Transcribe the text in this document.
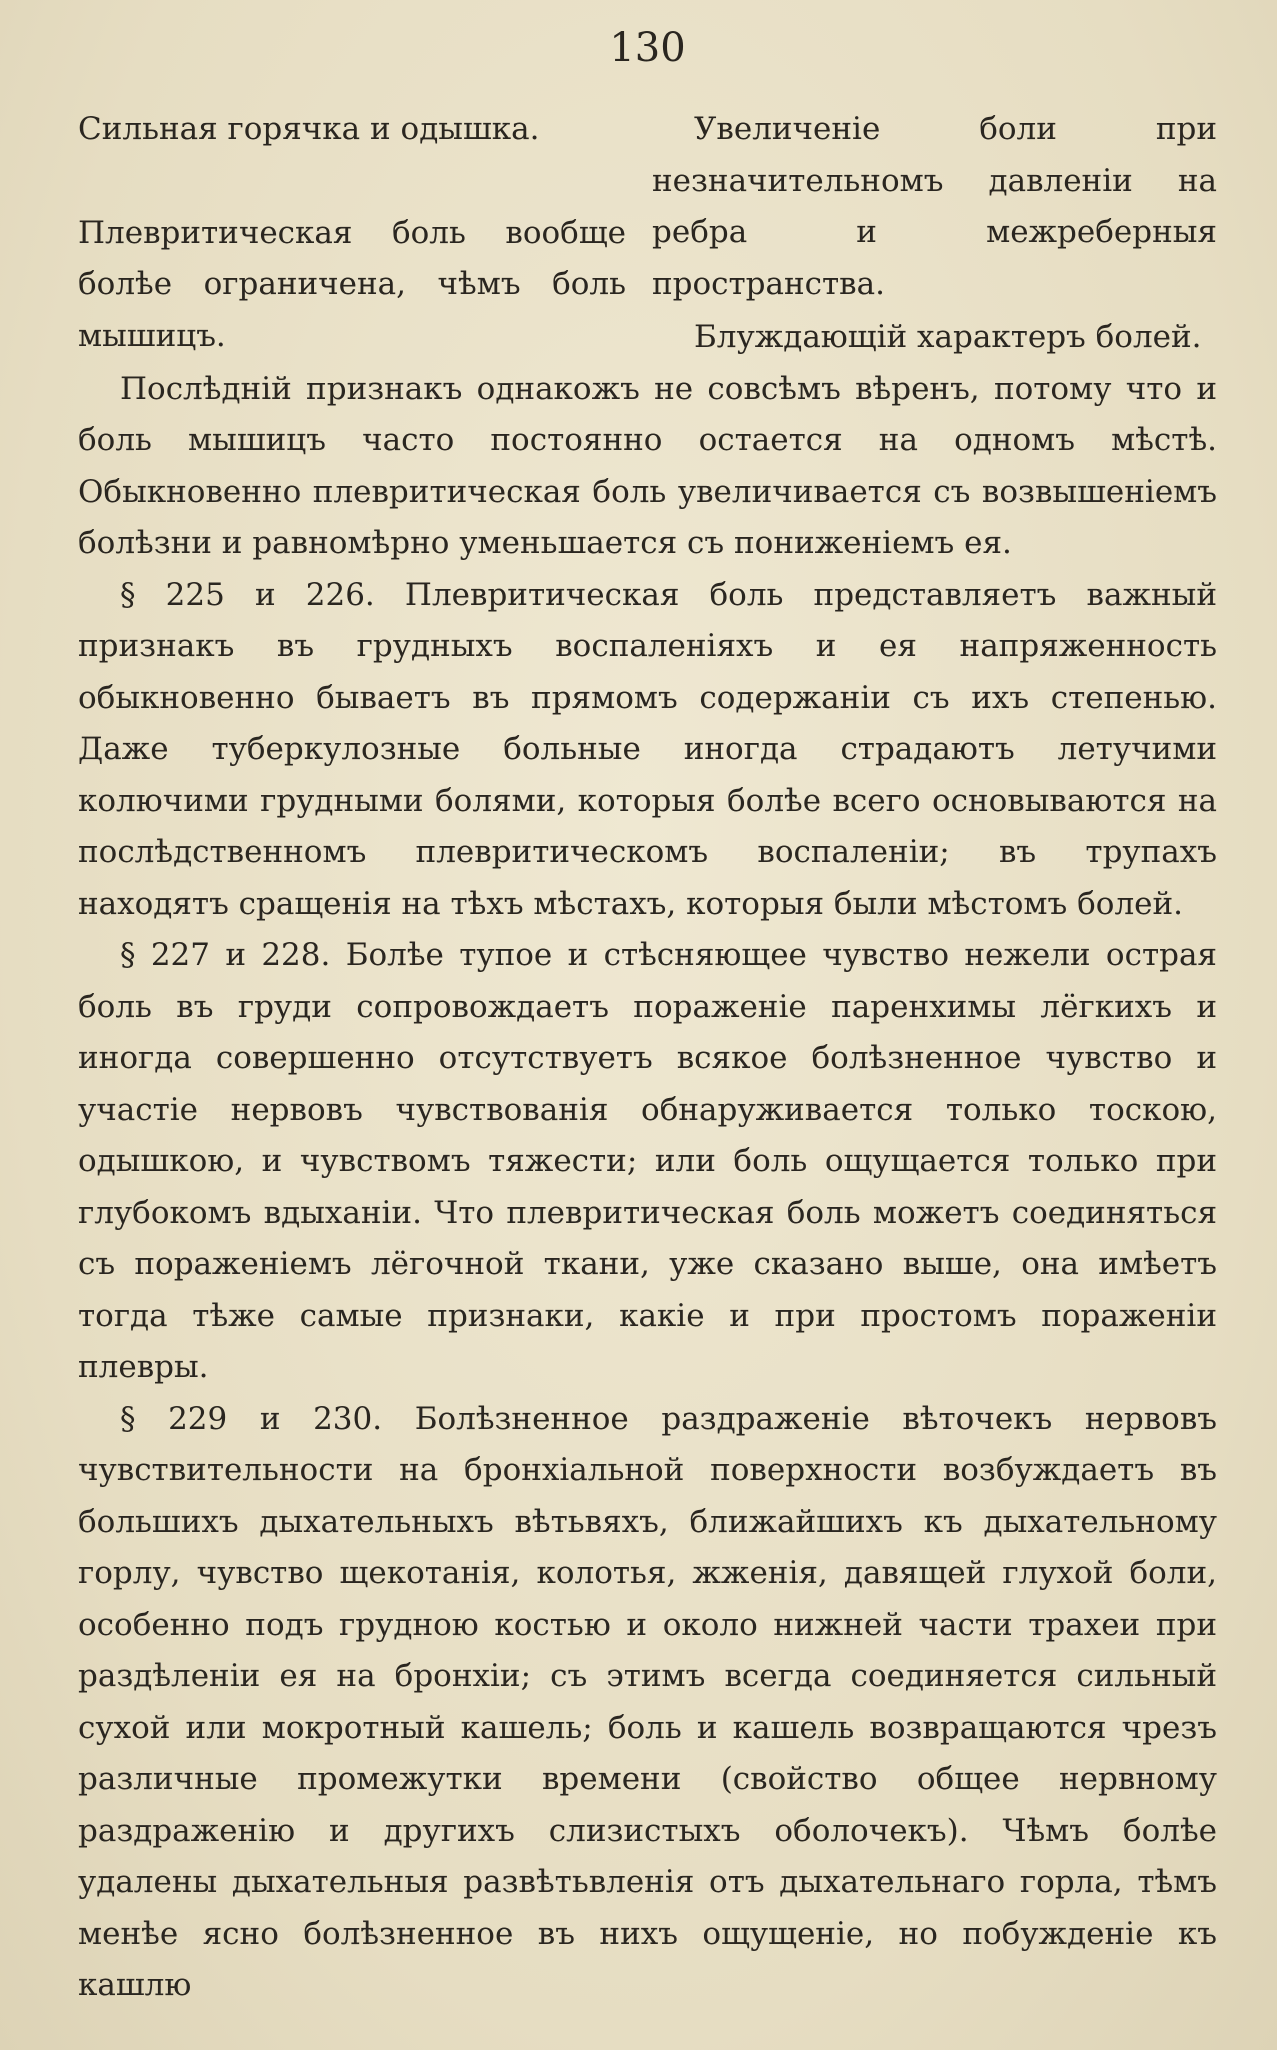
130

Сильная горячка и одышка.

Плевритическая боль вообще болѣе ограничена, чѣмъ боль мышицъ.

Увеличеніе боли при незначительномъ давленіи на ребра и межреберныя пространства.

Блуждающій характеръ болей.

Послѣдній признакъ однакожъ не совсѣмъ вѣренъ, потому что и боль мышицъ часто постоянно остается на одномъ мѣстѣ. Обыкновенно плевритическая боль увеличивается съ возвышеніемъ болѣзни и равномѣрно уменьшается съ пониженіемъ ея.

§ 225 и 226. Плевритическая боль представляетъ важный признакъ въ грудныхъ воспаленіяхъ и ея напряженность обыкновенно бываетъ въ прямомъ содержаніи съ ихъ степенью. Даже туберкулозные больные иногда страдаютъ летучими колючими грудными болями, которыя болѣе всего основываются на послѣдственномъ плевритическомъ воспаленіи; въ трупахъ находятъ сращенія на тѣхъ мѣстахъ, которыя были мѣстомъ болей.

§ 227 и 228. Болѣе тупое и стѣсняющее чувство нежели острая боль въ груди сопровождаетъ пораженіе паренхимы лёгкихъ и иногда совершенно отсутствуетъ всякое болѣзненное чувство и участіе нервовъ чувствованія обнаруживается только тоскою, одышкою, и чувствомъ тяжести; или боль ощущается только при глубокомъ вдыханіи. Что плевритическая боль можетъ соединяться съ пораженіемъ лёгочной ткани, уже сказано выше, она имѣетъ тогда тѣже самые признаки, какіе и при простомъ пораженіи плевры.

§ 229 и 230. Болѣзненное раздраженіе вѣточекъ нервовъ чувствительности на бронхіальной поверхности возбуждаетъ въ большихъ дыхательныхъ вѣтьвяхъ, ближайшихъ къ дыхательному горлу, чувство щекотанія, колотья, жженія, давящей глухой боли, особенно подъ грудною костью и около нижней части трахеи при раздѣленіи ея на бронхіи; съ этимъ всегда соединяется сильный сухой или мокротный кашель; боль и кашель возвращаются чрезъ различные промежутки времени (свойство общее нервному раздраженію и другихъ слизистыхъ оболочекъ). Чѣмъ болѣе удалены дыхательныя развѣтьвленія отъ дыхательнаго горла, тѣмъ менѣе ясно болѣзненное въ нихъ ощущеніе, но побужденіе къ кашлю
